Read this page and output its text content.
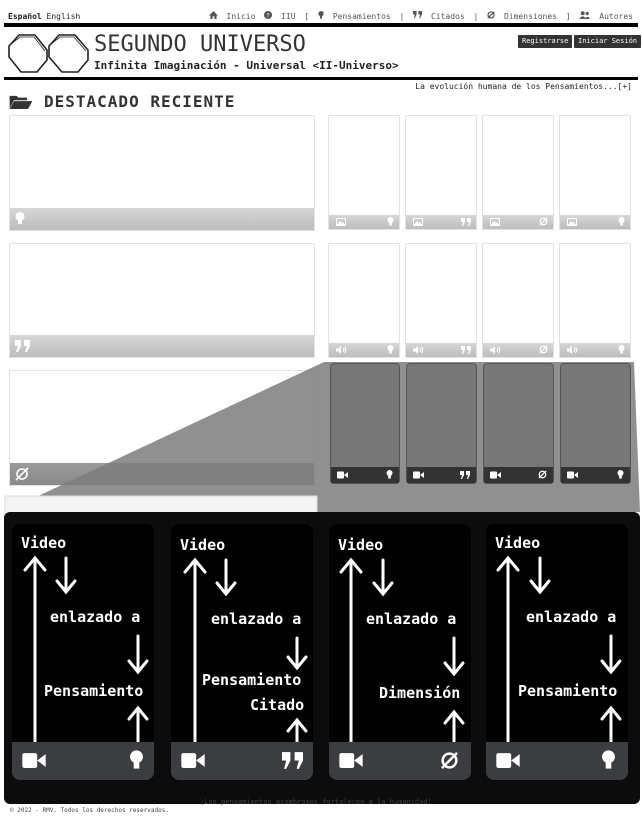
Español English	Inicio ? IIU [	Pensamientos |	Citados |	Dimensiones ]	Autores
SEGUNDO UNIVERSO
Infinita Imaginación - Universal <II-Universo>
Registrarse	Iniciar Sesión
La evolución humana de los Pensamientos...[+]
DESTACADO RECIENTE
Video
enlazado a
Pensamiento
Video
enlazado a
Pensamiento
Citado
Video
enlazado a
Dimensión
Video
enlazado a
Pensamiento
¡Los pensamientos asombrosos fortalecen a la humanidad!
© 2022 - RMV. Todos los derechos reservados.
